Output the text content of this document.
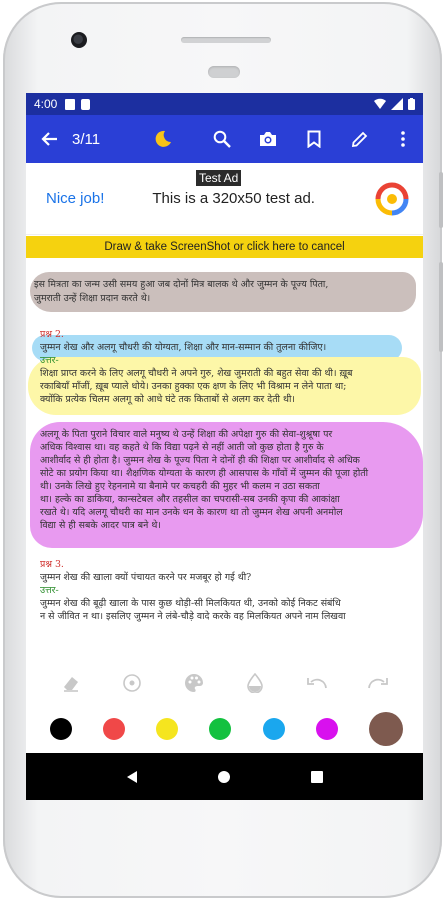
4:00
3/11
Nice job!	This is a 320x50 test ad.
Draw & take ScreenShot or click here to cancel
इस मित्रता का जन्म उसी समय हुआ जब दोनों मित्र बालक थे और जुम्मन के पूज्य पिता,
जुमराती उन्हें शिक्षा प्रदान करते थे।
प्रश्न 2.
जुम्मन शेख और अलगू चौधरी की योग्यता, शिक्षा और मान-सम्मान की तुलना कीजिए।
उत्तर-
शिक्षा प्राप्त करने के लिए अलगू चौधरी ने अपने गुरु, शेख जुमराती की बहुत सेवा की थी। ख़ूब
रकाबियाँ माँजीं, ख़ूब प्याले धोये। उनका हुक्का एक क्षण के लिए भी विश्राम न लेने पाता था;
क्योंकि प्रत्येक चिलम अलगू को आधे घंटे तक किताबों से अलग कर देती थी।
अलगू के पिता पुराने विचार वाले मनुष्य थे उन्हें शिक्षा की अपेक्षा गुरु की सेवा-शुश्रूषा पर
अधिक विश्वास था। वह कहते थे कि विद्या पढ़ने से नहीं आती जो कुछ होता है गुरु के
आशीर्वाद से ही होता है। जुम्मन शेख के पूज्य पिता ने दोनों ही की शिक्षा पर आशीर्वाद से अधिक
सोटे का प्रयोग किया था। शैक्षणिक योग्यता के कारण ही आसपास के गाँवों में जुम्मन की पूजा होती
थी। उनके लिखे हुए रेहननामे या बैनामे पर कचहरी की मुहर भी कलम न उठा सकता
था। हल्के का डाकिया, कान्सटेबल और तहसील का चपरासी-सब उनकी कृपा की आकांक्षा
रखते थे। यदि अलगू चौधरी का मान उनके धन के कारण था तो जुम्मन शेख अपनी अनमोल
विद्या से ही सबके आदर पात्र बने थे।
प्रश्न 3.
जुम्मन शेख की खाला क्यों पंचायत करने पर मजबूर हो गई थी?
उत्तर-
जुम्मन शेख की बूढ़ी खाला के पास कुछ थोड़ी-सी मिलकियत थी, उनको कोई निकट संबंधि
न से जीवित न था। इसलिए जुम्मन ने लंबे-चौड़े वादे करके वह मिलकियत अपने नाम लिखवा
Test Ad
